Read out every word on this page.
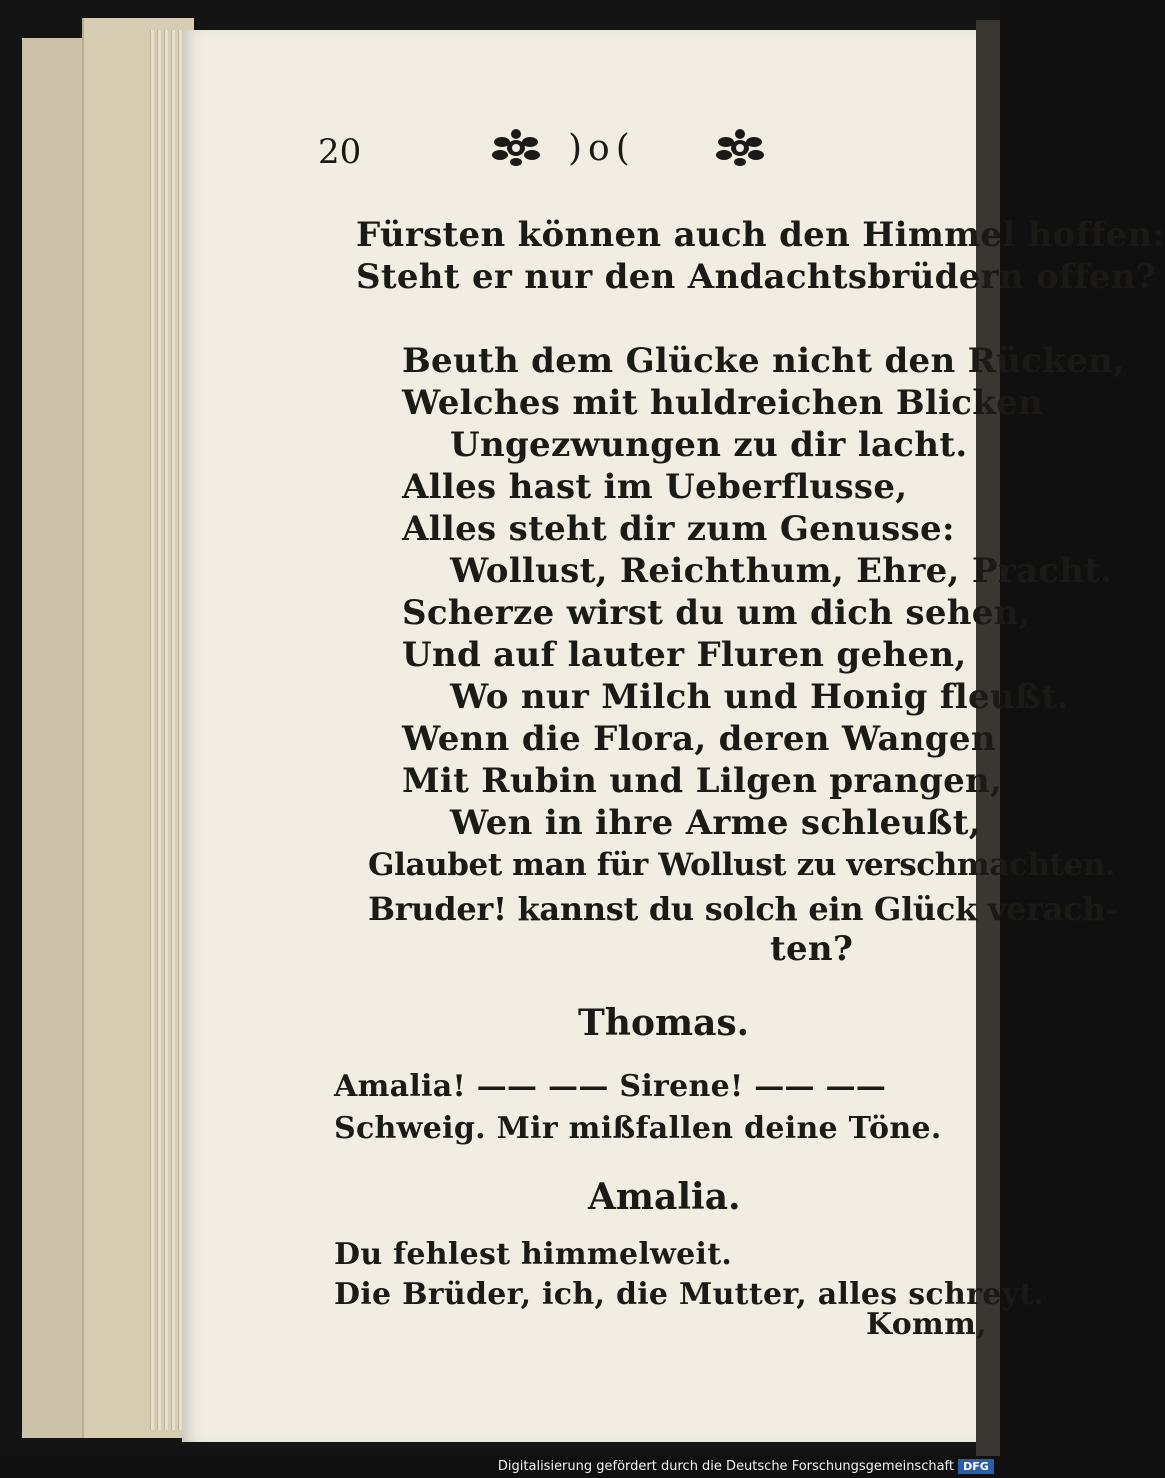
20	)o(
Fürsten können auch den Himmel hoffen:
Steht er nur den Andachtsbrüdern offen?
Beuth dem Glücke nicht den Rücken,
Welches mit huldreichen Blicken
Ungezwungen zu dir lacht.
Alles hast im Ueberflusse,
Alles steht dir zum Genusse:
Wollust, Reichthum, Ehre, Pracht.
Scherze wirst du um dich sehen,
Und auf lauter Fluren gehen,
Wo nur Milch und Honig fleußt.
Wenn die Flora, deren Wangen
Mit Rubin und Lilgen prangen,
Wen in ihre Arme schleußt,
Glaubet man für Wollust zu verschmachten.
Bruder! kannst du solch ein Glück verach-
ten?
Thomas.
Amalia! —— —— Sirene! —— ——
Schweig. Mir mißfallen deine Töne.
Amalia.
Du fehlest himmelweit.
Die Brüder, ich, die Mutter, alles schreyt.
Komm,
Digitalisierung gefördert durch die Deutsche Forschungsgemeinschaft DFG
